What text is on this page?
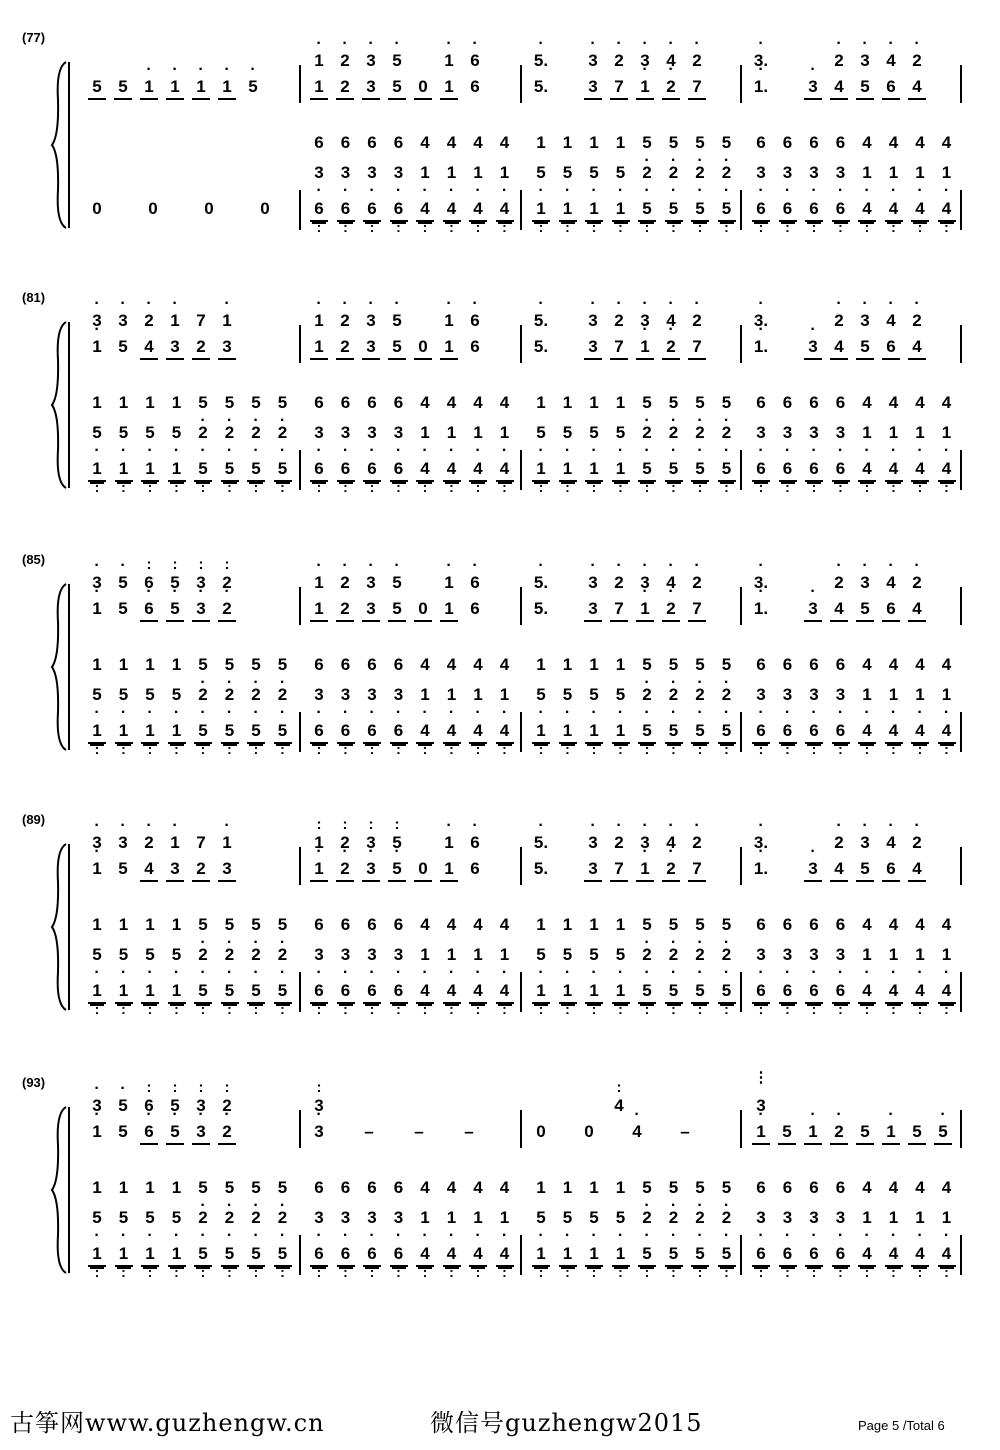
(77)
· 1 · 2 · 3 · 5	· 1 · 6	· 5. · 3 · 2 · 3 · 4 · 2	· 3.	· 2 · 3 · 4 · 2
5 5 · 1 · 1 · 1 · 1 · 5	1 2 3 5 0 1 6	5. 3 7 · 1 · 2 7	· 1. · 3 4 5 6 4
6 6 6 6 4 4 4 4 1 1 1 1 5 · 5 · 5 · 5 · 6 6 6 6 4 4 4 4
3 · 3 · 3 · 3 · 1 · 1 · 1 · 1 · 5 · 5 · 5 · 5 · 2 · 2 · 2 · 2 · 3 · 3 · 3 · 3 · 1 · 1 · 1 · 1 ·
0	0	0	0	6 : 6 : 6 : 6 : 4 : 4 : 4 : 4 : 1 : 1 : 1 : 1 : 5 : 5 : 5 : 5 : 6 : 6 : 6 : 6 : 4 : 4 : 4 : 4 :
(81)
· 3 · 3 · 2 · 1 7 · 1	· 1 · 2 · 3 · 5	· 1 · 6	· 5. · 3 · 2 · 3 · 4 · 2	· 3.	· 2 · 3 · 4 · 2
· 1 5 4 3 2 3	1 2 3 5 0 1 6	5. 3 7 · 1 · 2 7	· 1. · 3 4 5 6 4
1 1 1 1 5 · 5 · 5 · 5 · 6 6 6 6 4 4 4 4 1 1 1 1 5 · 5 · 5 · 5 · 6 6 6 6 4 4 4 4
5 · 5 · 5 · 5 · 2 · 2 · 2 · 2 · 3 · 3 · 3 · 3 · 1 · 1 · 1 · 1 · 5 · 5 · 5 · 5 · 2 · 2 · 2 · 2 · 3 · 3 · 3 · 3 · 1 · 1 · 1 · 1 ·
1 : 1 : 1 : 1 : 5 : 5 : 5 : 5 : 6 : 6 : 6 : 6 : 4 : 4 : 4 : 4 : 1 : 1 : 1 : 1 : 5 : 5 : 5 : 5 : 6 : 6 : 6 : 6 : 4 : 4 : 4 : 4 :
(85)
· 3 · 5 : 6 : 5 : 3 : 2	· 1 · 2 · 3 · 5	· 1 · 6	· 5. · 3 · 2 · 3 · 4 · 2	· 3.	· 2 · 3 · 4 · 2
· 1 5 · 6 · 5 · 3 · 2	1 2 3 5 0 1 6	5. 3 7 · 1 · 2 7	· 1. · 3 4 5 6 4
1 1 1 1 5 · 5 · 5 · 5 · 6 6 6 6 4 4 4 4 1 1 1 1 5 · 5 · 5 · 5 · 6 6 6 6 4 4 4 4
5 · 5 · 5 · 5 · 2 · 2 · 2 · 2 · 3 · 3 · 3 · 3 · 1 · 1 · 1 · 1 · 5 · 5 · 5 · 5 · 2 · 2 · 2 · 2 · 3 · 3 · 3 · 3 · 1 · 1 · 1 · 1 ·
1 : 1 : 1 : 1 : 5 : 5 : 5 : 5 : 6 : 6 : 6 : 6 : 4 : 4 : 4 : 4 : 1 : 1 : 1 : 1 : 5 : 5 : 5 : 5 : 6 : 6 : 6 : 6 : 4 : 4 : 4 : 4 :
(89)
· 3 · 3 · 2 · 1 7 · 1	: 1 : 2 : 3 : 5	· 1 · 6	· 5. · 3 · 2 · 3 · 4 · 2	· 3.	· 2 · 3 · 4 · 2
· 1 5 4 3 2 3	· 1 · 2 · 3 · 5 0 1 6	5. 3 7 · 1 · 2 7	· 1. · 3 4 5 6 4
1 1 1 1 5 · 5 · 5 · 5 · 6 6 6 6 4 4 4 4 1 1 1 1 5 · 5 · 5 · 5 · 6 6 6 6 4 4 4 4
5 · 5 · 5 · 5 · 2 · 2 · 2 · 2 · 3 · 3 · 3 · 3 · 1 · 1 · 1 · 1 · 5 · 5 · 5 · 5 · 2 · 2 · 2 · 2 · 3 · 3 · 3 · 3 · 1 · 1 · 1 · 1 ·
1 : 1 : 1 : 1 : 5 : 5 : 5 : 5 : 6 : 6 : 6 : 6 : 4 : 4 : 4 : 4 : 1 : 1 : 1 : 1 : 5 : 5 : 5 : 5 : 6 : 6 : 6 : 6 : 4 : 4 : 4 : 4 :
(93)
· 3 · 5 : 6 : 5 : 3 : 2	: 3	: 4	⋮ 3
· 1 5 · 6 · 5 · 3 · 2	· 3 – – –	0 0 · 4 –	· 1 5 · 1 · 2 5 · 1 5 · 5
1 1 1 1 5 · 5 · 5 · 5 · 6 6 6 6 4 4 4 4 1 1 1 1 5 · 5 · 5 · 5 · 6 6 6 6 4 4 4 4
5 · 5 · 5 · 5 · 2 · 2 · 2 · 2 · 3 · 3 · 3 · 3 · 1 · 1 · 1 · 1 · 5 · 5 · 5 · 5 · 2 · 2 · 2 · 2 · 3 · 3 · 3 · 3 · 1 · 1 · 1 · 1 ·
1 : 1 : 1 : 1 : 5 : 5 : 5 : 5 : 6 : 6 : 6 : 6 : 4 : 4 : 4 : 4 : 1 : 1 : 1 : 1 : 5 : 5 : 5 : 5 : 6 : 6 : 6 : 6 : 4 : 4 : 4 : 4 :
古筝网www.guzhengw.cn	微信号guzhengw2015	Page 5 /Total 6
